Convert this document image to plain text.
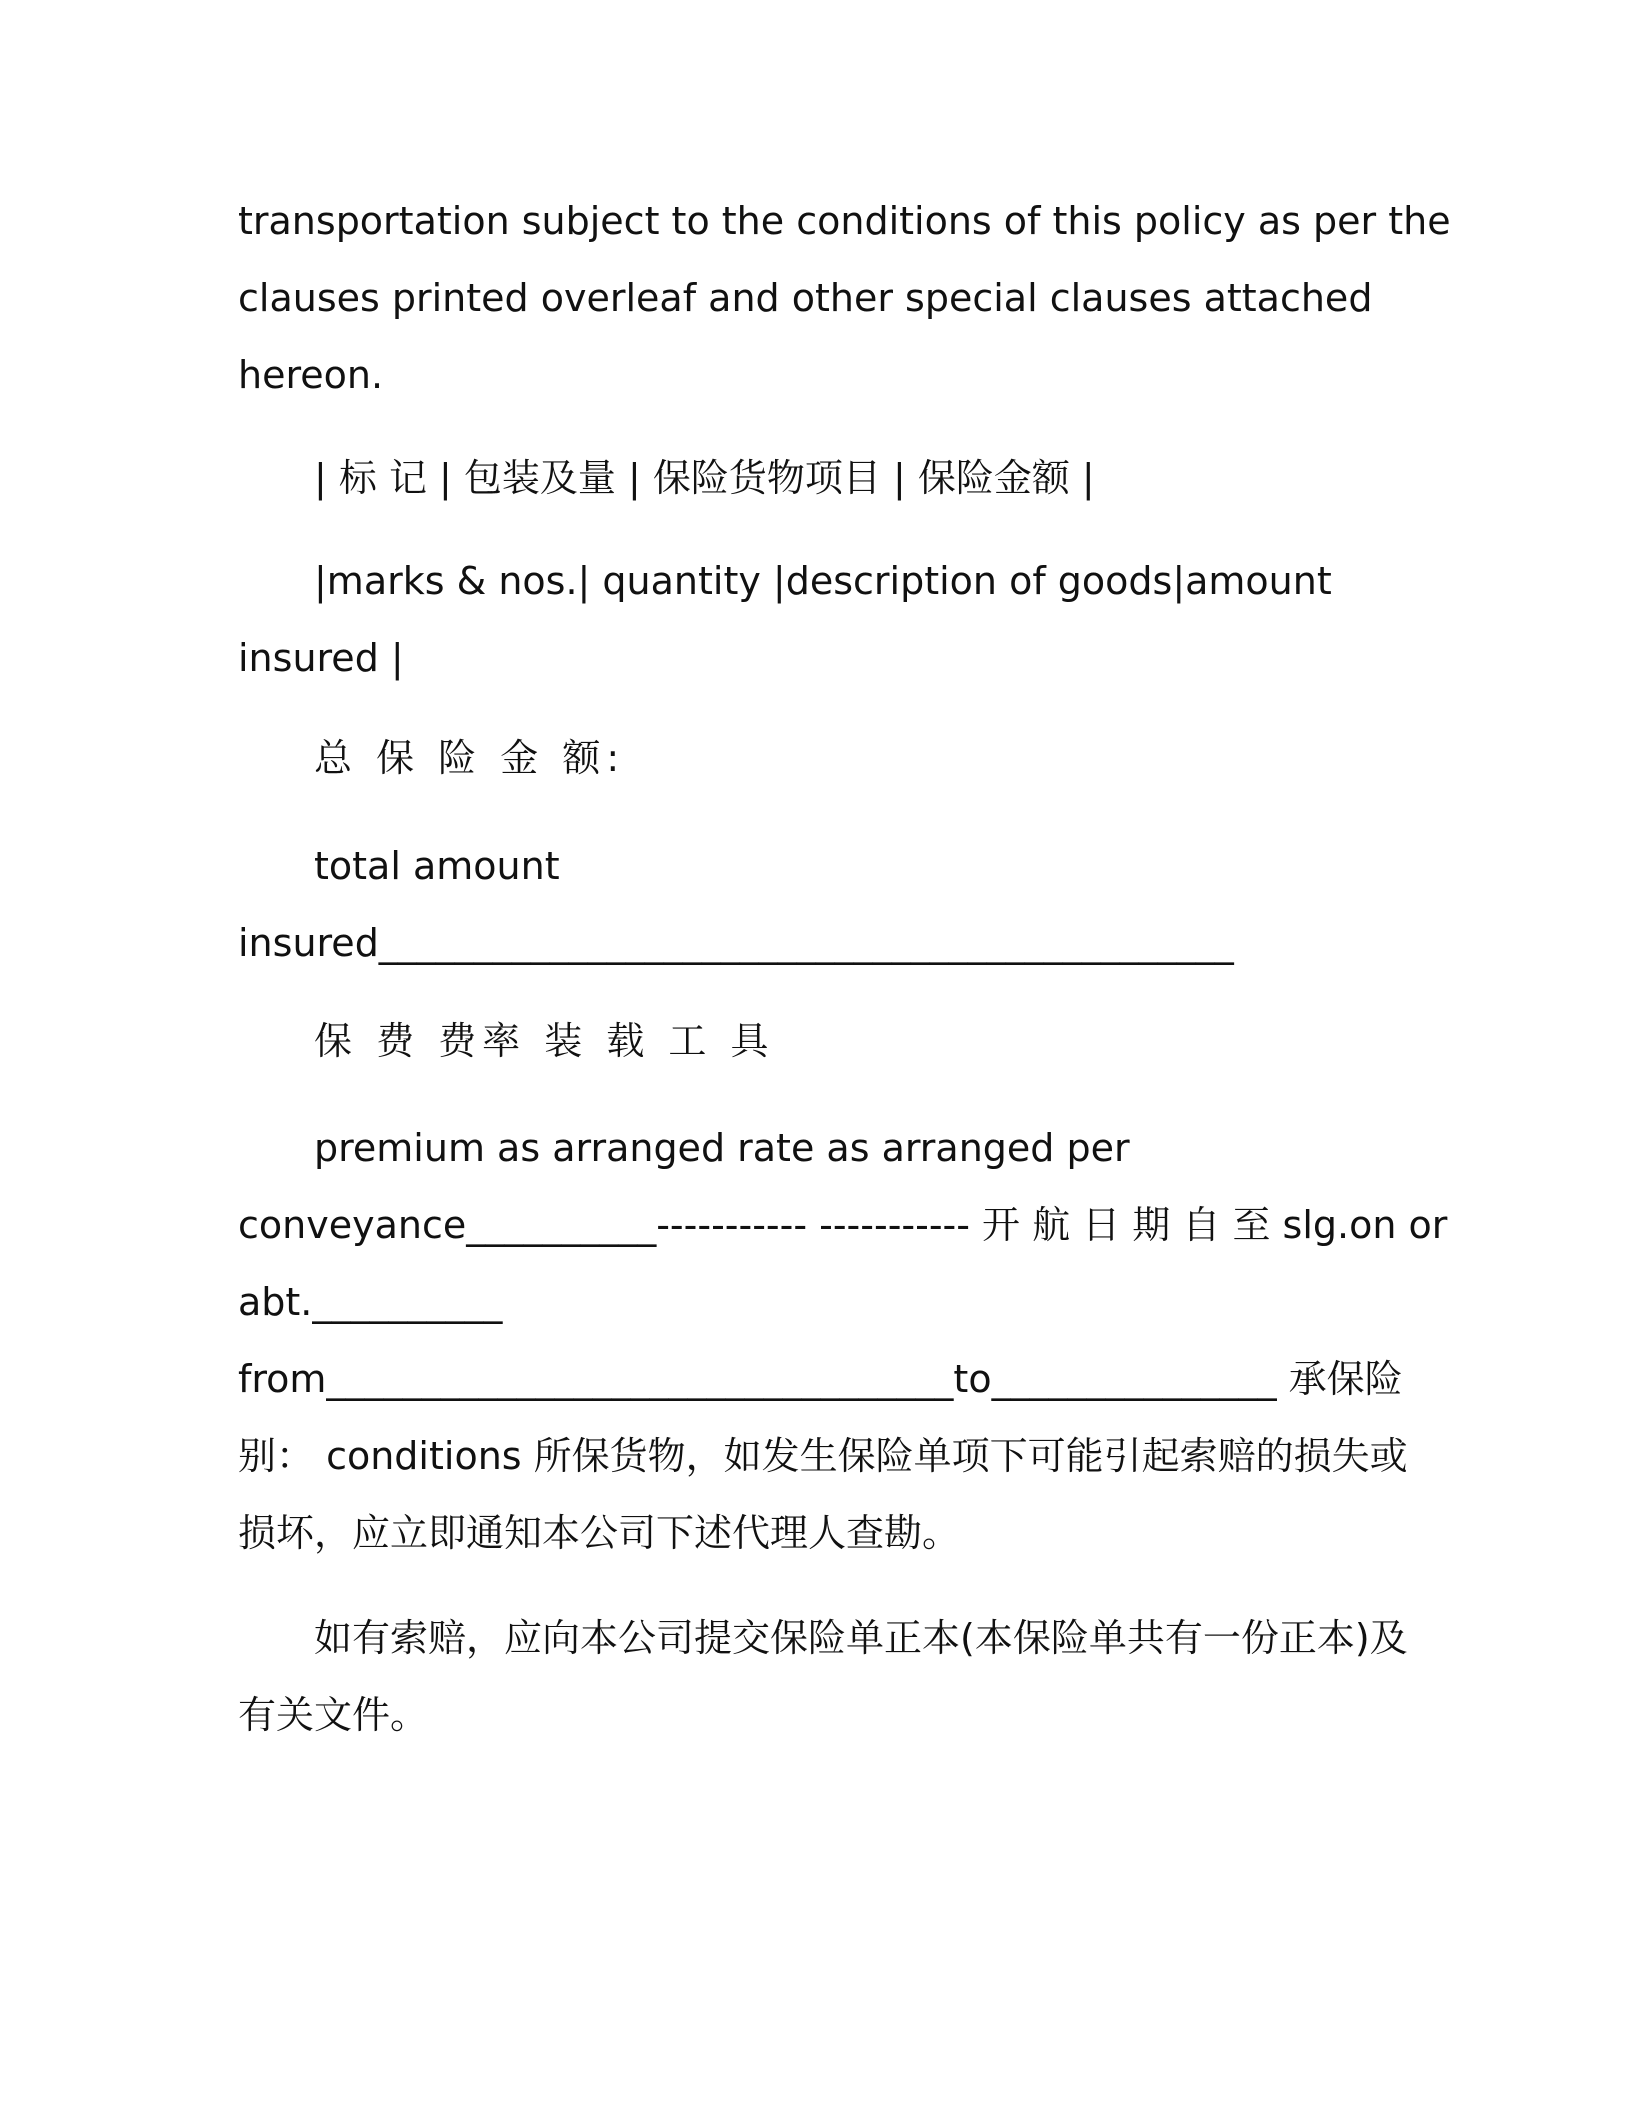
transportation subject to the conditions of this policy as per the
clauses printed overleaf and other special clauses attached
hereon.
| 标 记 | 包装及量 | 保险货物项目 | 保险金额 |
|marks & nos.| quantity |description of goods|amount
insured |
总 保 险 金 额:
total amount
insured_____________________________________________
保 费 费率 装 载 工 具
premium as arranged rate as arranged per
conveyance__________----------- ----------- 开 航 日 期 自 至 slg.on or
abt.__________
from_________________________________to_______________ 承保险
别： conditions 所保货物，如发生保险单项下可能引起索赔的损失或
损坏，应立即通知本公司下述代理人查勘。
如有索赔，应向本公司提交保险单正本(本保险单共有一份正本)及
有关文件。
